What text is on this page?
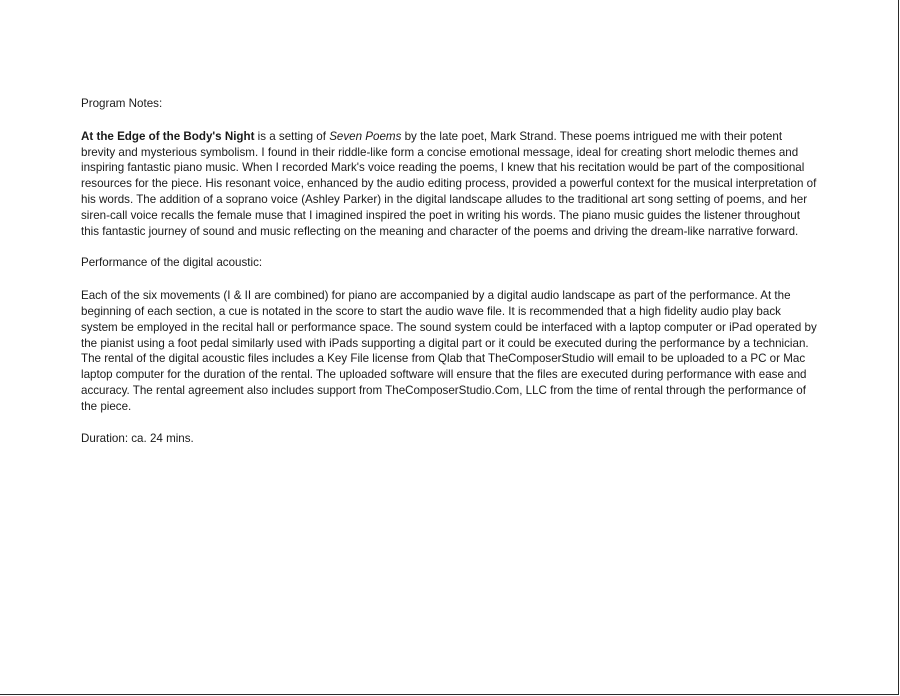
Program Notes:

At the Edge of the Body's Night is a setting of Seven Poems by the late poet, Mark Strand. These poems intrigued me with their potent brevity and mysterious symbolism. I found in their riddle-like form a concise emotional message, ideal for creating short melodic themes and inspiring fantastic piano music. When I recorded Mark's voice reading the poems, I knew that his recitation would be part of the compositional resources for the piece. His resonant voice, enhanced by the audio editing process, provided a powerful context for the musical interpretation of his words. The addition of a soprano voice (Ashley Parker) in the digital landscape alludes to the traditional art song setting of poems, and her siren-call voice recalls the female muse that I imagined inspired the poet in writing his words. The piano music guides the listener throughout this fantastic journey of sound and music reflecting on the meaning and character of the poems and driving the dream-like narrative forward.

Performance of the digital acoustic:

Each of the six movements (I & II are combined) for piano are accompanied by a digital audio landscape as part of the performance. At the beginning of each section, a cue is notated in the score to start the audio wave file. It is recommended that a high fidelity audio play back system be employed in the recital hall or performance space. The sound system could be interfaced with a laptop computer or iPad operated by the pianist using a foot pedal similarly used with iPads supporting a digital part or it could be executed during the performance by a technician. The rental of the digital acoustic files includes a Key File license from Qlab that TheComposerStudio will email to be uploaded to a PC or Mac laptop computer for the duration of the rental. The uploaded software will ensure that the files are executed during performance with ease and accuracy. The rental agreement also includes support from TheComposerStudio.Com, LLC from the time of rental through the performance of the piece.

Duration: ca. 24 mins.
